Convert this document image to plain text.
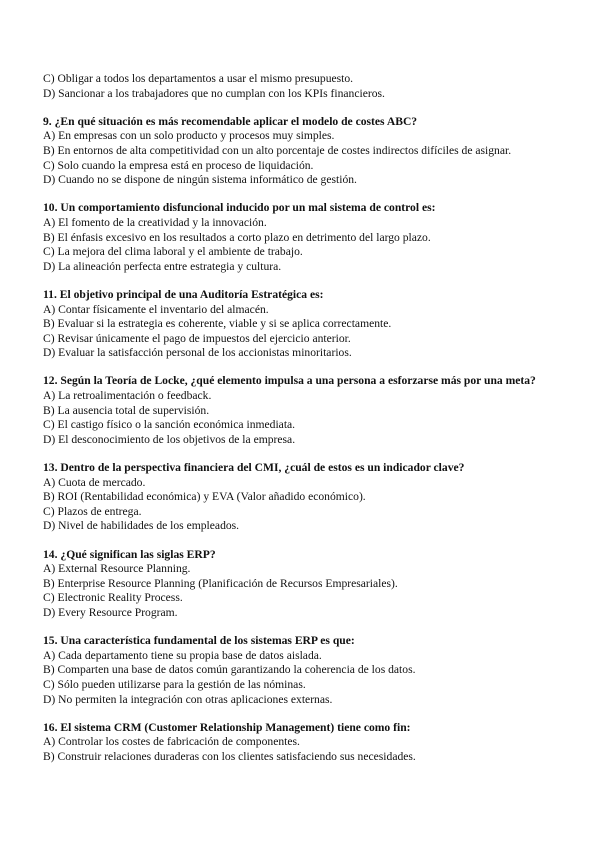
C) Obligar a todos los departamentos a usar el mismo presupuesto.
D) Sancionar a los trabajadores que no cumplan con los KPIs financieros.
9. ¿En qué situación es más recomendable aplicar el modelo de costes ABC?
A) En empresas con un solo producto y procesos muy simples.
B) En entornos de alta competitividad con un alto porcentaje de costes indirectos difíciles de asignar.
C) Solo cuando la empresa está en proceso de liquidación.
D) Cuando no se dispone de ningún sistema informático de gestión.
10. Un comportamiento disfuncional inducido por un mal sistema de control es:
A) El fomento de la creatividad y la innovación.
B) El énfasis excesivo en los resultados a corto plazo en detrimento del largo plazo.
C) La mejora del clima laboral y el ambiente de trabajo.
D) La alineación perfecta entre estrategia y cultura.
11. El objetivo principal de una Auditoría Estratégica es:
A) Contar físicamente el inventario del almacén.
B) Evaluar si la estrategia es coherente, viable y si se aplica correctamente.
C) Revisar únicamente el pago de impuestos del ejercicio anterior.
D) Evaluar la satisfacción personal de los accionistas minoritarios.
12. Según la Teoría de Locke, ¿qué elemento impulsa a una persona a esforzarse más por una meta?
A) La retroalimentación o feedback.
B) La ausencia total de supervisión.
C) El castigo físico o la sanción económica inmediata.
D) El desconocimiento de los objetivos de la empresa.
13. Dentro de la perspectiva financiera del CMI, ¿cuál de estos es un indicador clave?
A) Cuota de mercado.
B) ROI (Rentabilidad económica) y EVA (Valor añadido económico).
C) Plazos de entrega.
D) Nivel de habilidades de los empleados.
14. ¿Qué significan las siglas ERP?
A) External Resource Planning.
B) Enterprise Resource Planning (Planificación de Recursos Empresariales).
C) Electronic Reality Process.
D) Every Resource Program.
15. Una característica fundamental de los sistemas ERP es que:
A) Cada departamento tiene su propia base de datos aislada.
B) Comparten una base de datos común garantizando la coherencia de los datos.
C) Sólo pueden utilizarse para la gestión de las nóminas.
D) No permiten la integración con otras aplicaciones externas.
16. El sistema CRM (Customer Relationship Management) tiene como fin:
A) Controlar los costes de fabricación de componentes.
B) Construir relaciones duraderas con los clientes satisfaciendo sus necesidades.
